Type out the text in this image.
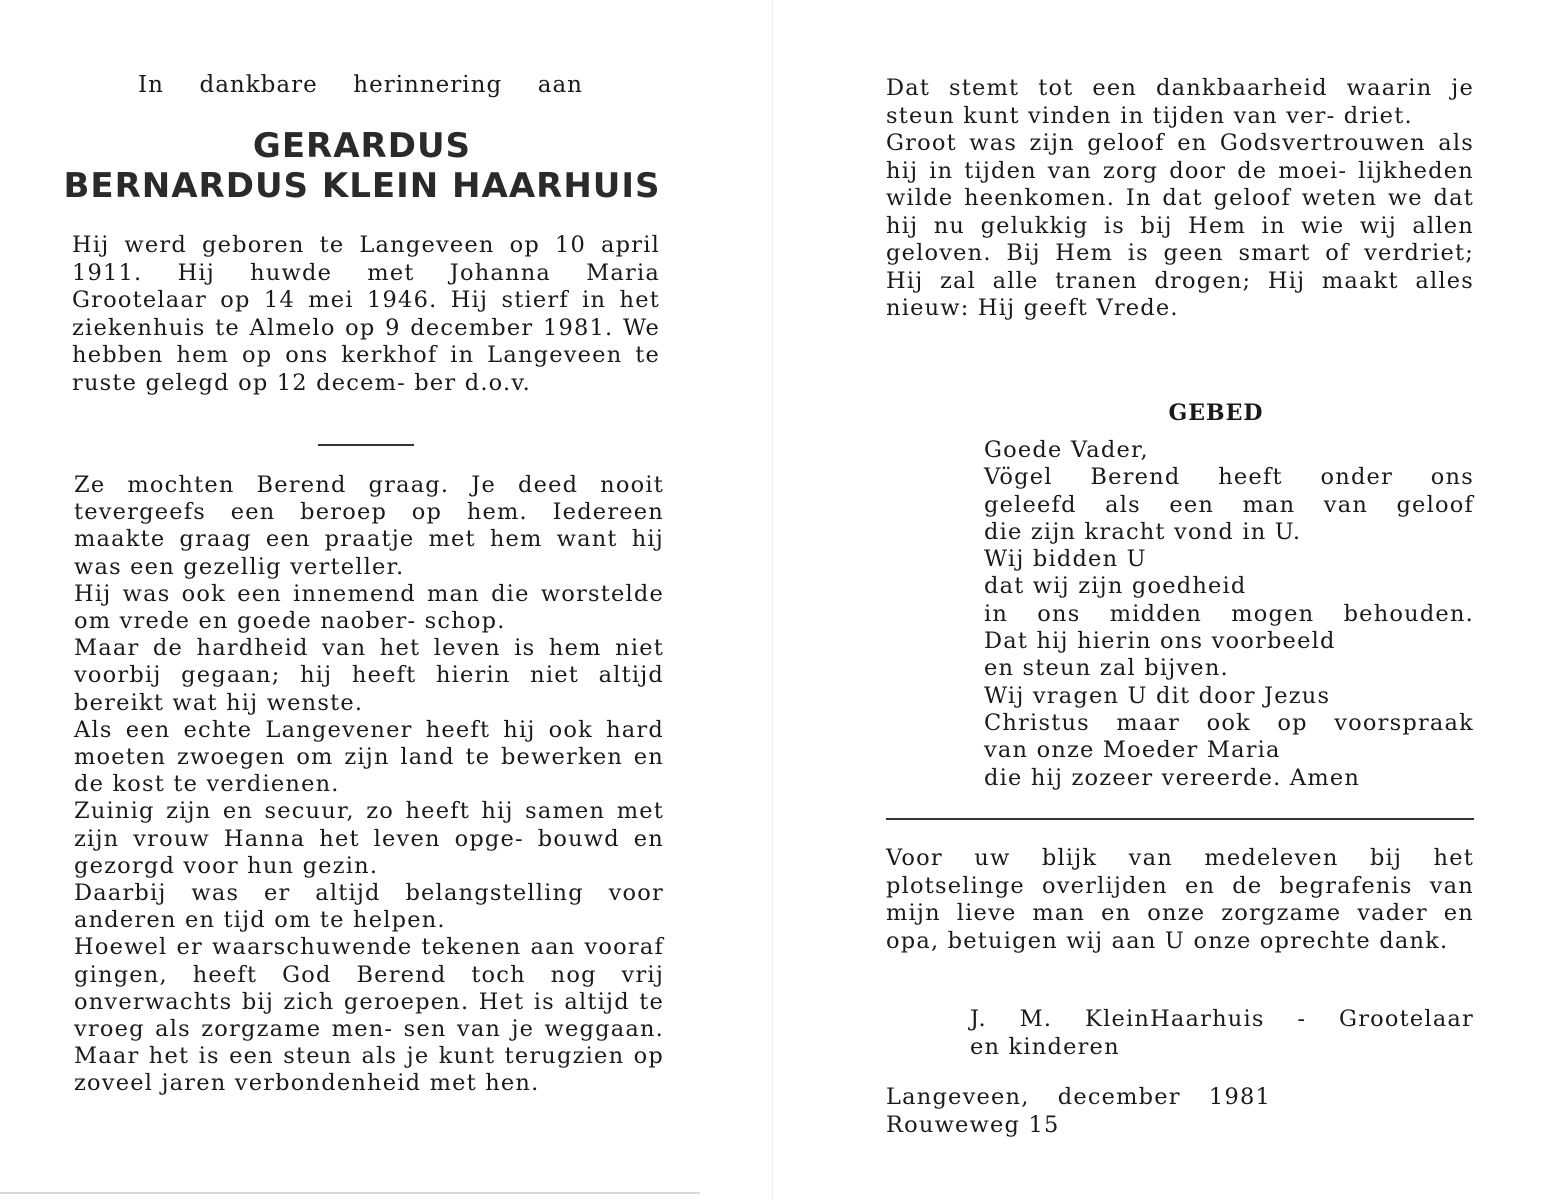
In dankbare herinnering aan
GERARDUS
BERNARDUS KLEIN HAARHUIS
Hij werd geboren te Langeveen op 10 april 1911. Hij huwde met Johanna Maria Grootelaar op 14 mei 1946. Hij stierf in het ziekenhuis te Almelo op 9 december 1981. We hebben hem op ons kerkhof in Langeveen te ruste gelegd op 12 decem- ber d.o.v.

Ze mochten Berend graag. Je deed nooit tevergeefs een beroep op hem. Iedereen maakte graag een praatje met hem want hij was een gezellig verteller.

Hij was ook een innemend man die worstelde om vrede en goede naober- schop.

Maar de hardheid van het leven is hem niet voorbij gegaan; hij heeft hierin niet altijd bereikt wat hij wenste.

Als een echte Langevener heeft hij ook hard moeten zwoegen om zijn land te bewerken en de kost te verdienen.

Zuinig zijn en secuur, zo heeft hij samen met zijn vrouw Hanna het leven opge- bouwd en gezorgd voor hun gezin.

Daarbij was er altijd belangstelling voor anderen en tijd om te helpen.

Hoewel er waarschuwende tekenen aan vooraf gingen, heeft God Berend toch nog vrij onverwachts bij zich geroepen. Het is altijd te vroeg als zorgzame men- sen van je weggaan. Maar het is een steun als je kunt terugzien op zoveel jaren verbondenheid met hen.

Dat stemt tot een dankbaarheid waarin je steun kunt vinden in tijden van ver- driet.

Groot was zijn geloof en Godsvertrouwen als hij in tijden van zorg door de moei- lijkheden wilde heenkomen. In dat geloof weten we dat hij nu gelukkig is bij Hem in wie wij allen geloven. Bij Hem is geen smart of verdriet; Hij zal alle tranen drogen; Hij maakt alles nieuw: Hij geeft Vrede.

GEBED
Goede Vader,
Vögel Berend heeft onder ons
geleefd als een man van geloof
die zijn kracht vond in U.
Wij bidden U
dat wij zijn goedheid
in ons midden mogen behouden.
Dat hij hierin ons voorbeeld
en steun zal bijven.
Wij vragen U dit door Jezus
Christus maar ook op voorspraak
van onze Moeder Maria
die hij zozeer vereerde. Amen
Voor uw blijk van medeleven bij het plotselinge overlijden en de begrafenis van mijn lieve man en onze zorgzame vader en opa, betuigen wij aan U onze oprechte dank.
J. M. KleinHaarhuis - Grootelaar
en kinderen
Langeveen, december 1981
Rouweweg 15
